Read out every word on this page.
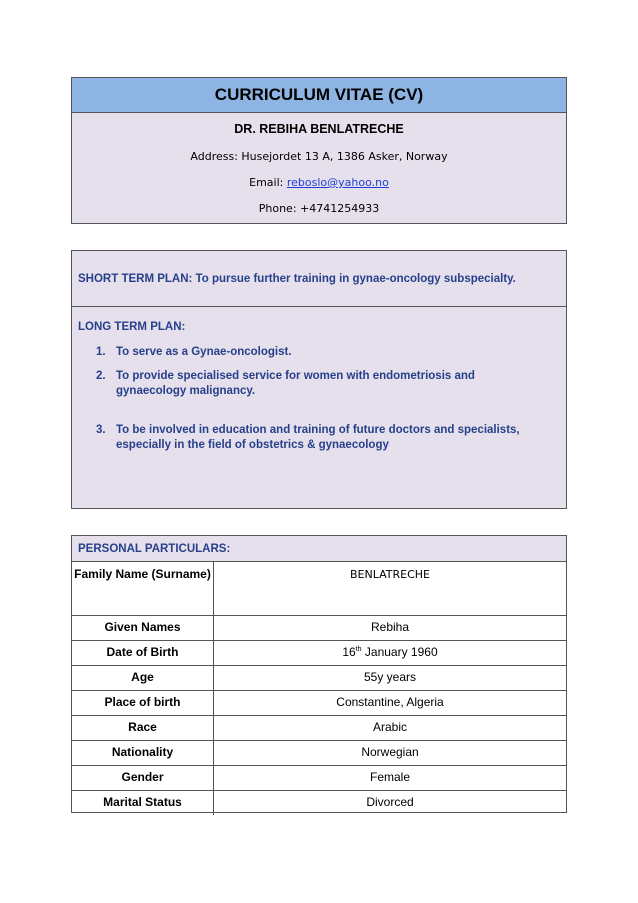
CURRICULUM VITAE (CV)
DR. REBIHA BENLATRECHE
Address: Husejordet 13 A, 1386 Asker, Norway
Email: reboslo@yahoo.no
Phone: +4741254933
SHORT TERM PLAN: To pursue further training in gynae-oncology subspecialty.
LONG TERM PLAN:
1. To serve as a Gynae-oncologist.
2. To provide specialised service for women with endometriosis and gynaecology malignancy.
3. To be involved in education and training of future doctors and specialists, especially in the field of obstetrics & gynaecology
PERSONAL PARTICULARS:
Family Name (Surname)	BENLATRECHE
Given Names	Rebiha
Date of Birth	16th January 1960
Age	55y years
Place of birth	Constantine, Algeria
Race	Arabic
Nationality	Norwegian
Gender	Female
Marital Status	Divorced
